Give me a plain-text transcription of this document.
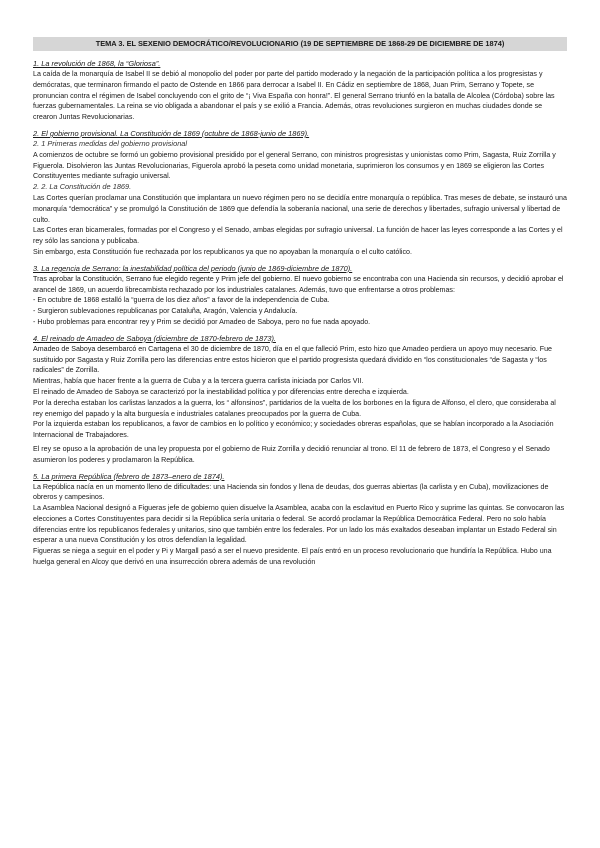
TEMA 3. EL SEXENIO DEMOCRÁTICO/REVOLUCIONARIO (19 DE SEPTIEMBRE DE 1868-29 DE DICIEMBRE DE 1874)

1. La revolución de 1868, la “Gloriosa”.

La caída de la monarquía de Isabel II se debió al monopolio del poder por parte del partido moderado y la negación de la participación política a los progresistas y demócratas, que terminaron firmando el pacto de Ostende en 1866 para derrocar a Isabel II. En Cádiz en septiembre de 1868, Juan Prim, Serrano y Topete, se pronuncian contra el régimen de Isabel concluyendo con el grito de “¡ Viva España con honra!”. El general Serrano triunfó en la batalla de Alcolea (Córdoba) sobre las fuerzas gubernamentales. La reina se vio obligada a abandonar el país y se exilió a Francia. Además, otras revoluciones surgieron en muchas ciudades donde se crearon Juntas Revolucionarias.

2. El gobierno provisional. La Constitución de 1869 (octubre de 1868-junio de 1869).

2. 1 Primeras medidas del gobierno provisional

A comienzos de octubre se formó un gobierno provisional presidido por el general Serrano, con ministros progresistas y unionistas como Prim, Sagasta, Ruiz Zorrilla y Figuerola. Disolvieron las Juntas Revolucionarias, Figuerola aprobó la peseta como unidad monetaria, suprimieron los consumos y en 1869 se eligieron las Cortes Constituyentes mediante sufragio universal.

2. 2. La Constitución de 1869.

Las Cortes querían proclamar una Constitución que implantara un nuevo régimen pero no se decidía entre monarquía o república. Tras meses de debate, se instauró una monarquía “democrática” y se promulgó la Constitución de 1869 que defendía la soberanía nacional, una serie de derechos y libertades, sufragio universal y libertad de culto.

Las Cortes eran bicamerales, formadas por el Congreso y el Senado, ambas elegidas por sufragio universal. La función de hacer las leyes corresponde a las Cortes y el rey sólo las sanciona y publicaba.

Sin embargo, esta Constitución fue rechazada por los republicanos ya que no apoyaban la monarquía o el culto católico.

3. La regencia de Serrano: la inestabilidad política del periodo (junio de 1869-diciembre de 1870).

Tras aprobar la Constitución, Serrano fue elegido regente y Prim jefe del gobierno. El nuevo gobierno se encontraba con una Hacienda sin recursos, y decidió aprobar el arancel de 1869, un acuerdo librecambista rechazado por los industriales catalanes. Además, tuvo que enfrentarse a otros problemas:

- En octubre de 1868 estalló la “guerra de los diez años” a favor de la independencia de Cuba.

- Surgieron sublevaciones republicanas por Cataluña, Aragón, Valencia y Andalucía.

- Hubo problemas para encontrar rey y Prim se decidió por Amadeo de Saboya, pero no fue nada apoyado.

4. El reinado de Amadeo de Saboya (diciembre de 1870-febrero de 1873).

Amadeo de Saboya desembarcó en Cartagena el 30 de diciembre de 1870, día en el que falleció Prim, esto hizo que Amadeo perdiera un apoyo muy necesario. Fue sustituido por Sagasta y Ruiz Zorrilla pero las diferencias entre estos hicieron que el partido progresista quedará dividido en “los constitucionales “de Sagasta y “los radicales” de Zorrilla.

Mientras, había que hacer frente a la guerra de Cuba y a la tercera guerra carlista iniciada por Carlos VII.

El reinado de Amadeo de Saboya se caracterizó por la inestabilidad política y por diferencias entre derecha e izquierda.

Por la derecha estaban los carlistas lanzados a la guerra, los “ alfonsinos”, partidarios de la vuelta de los borbones en la figura de Alfonso, el clero, que consideraba al rey enemigo del papado y la alta burguesía e industriales catalanes preocupados por la guerra de Cuba.

Por la izquierda estaban los republicanos, a favor de cambios en lo político y económico; y sociedades obreras españolas, que se habían incorporado a la Asociación Internacional de Trabajadores.

El rey se opuso a la aprobación de una ley propuesta por el gobierno de Ruiz Zorrilla y decidió renunciar al trono. El 11 de febrero de 1873, el Congreso y el Senado asumieron los poderes y proclamaron la República.

5. La primera República (febrero de 1873–enero de 1874).

La República nacía en un momento lleno de dificultades: una Hacienda sin fondos y llena de deudas, dos guerras abiertas (la carlista y en Cuba), movilizaciones de obreros y campesinos.

La Asamblea Nacional designó a Figueras jefe de gobierno quien disuelve la Asamblea, acaba con la esclavitud en Puerto Rico y suprime las quintas. Se convocaron las elecciones a Cortes Constituyentes para decidir si la República sería unitaria o federal. Se acordó proclamar la República Democrática Federal. Pero no solo había diferencias entre los republicanos federales y unitarios, sino que también entre los federales. Por un lado los más exaltados deseaban implantar un Estado Federal sin esperar a una nueva Constitución y los otros defendían la legalidad.

Figueras se niega a seguir en el poder y Pi y Margall pasó a ser el nuevo presidente. El país entró en un proceso revolucionario que hundiría la República. Hubo una huelga general en Alcoy que derivó en una insurrección obrera además de una revolución
